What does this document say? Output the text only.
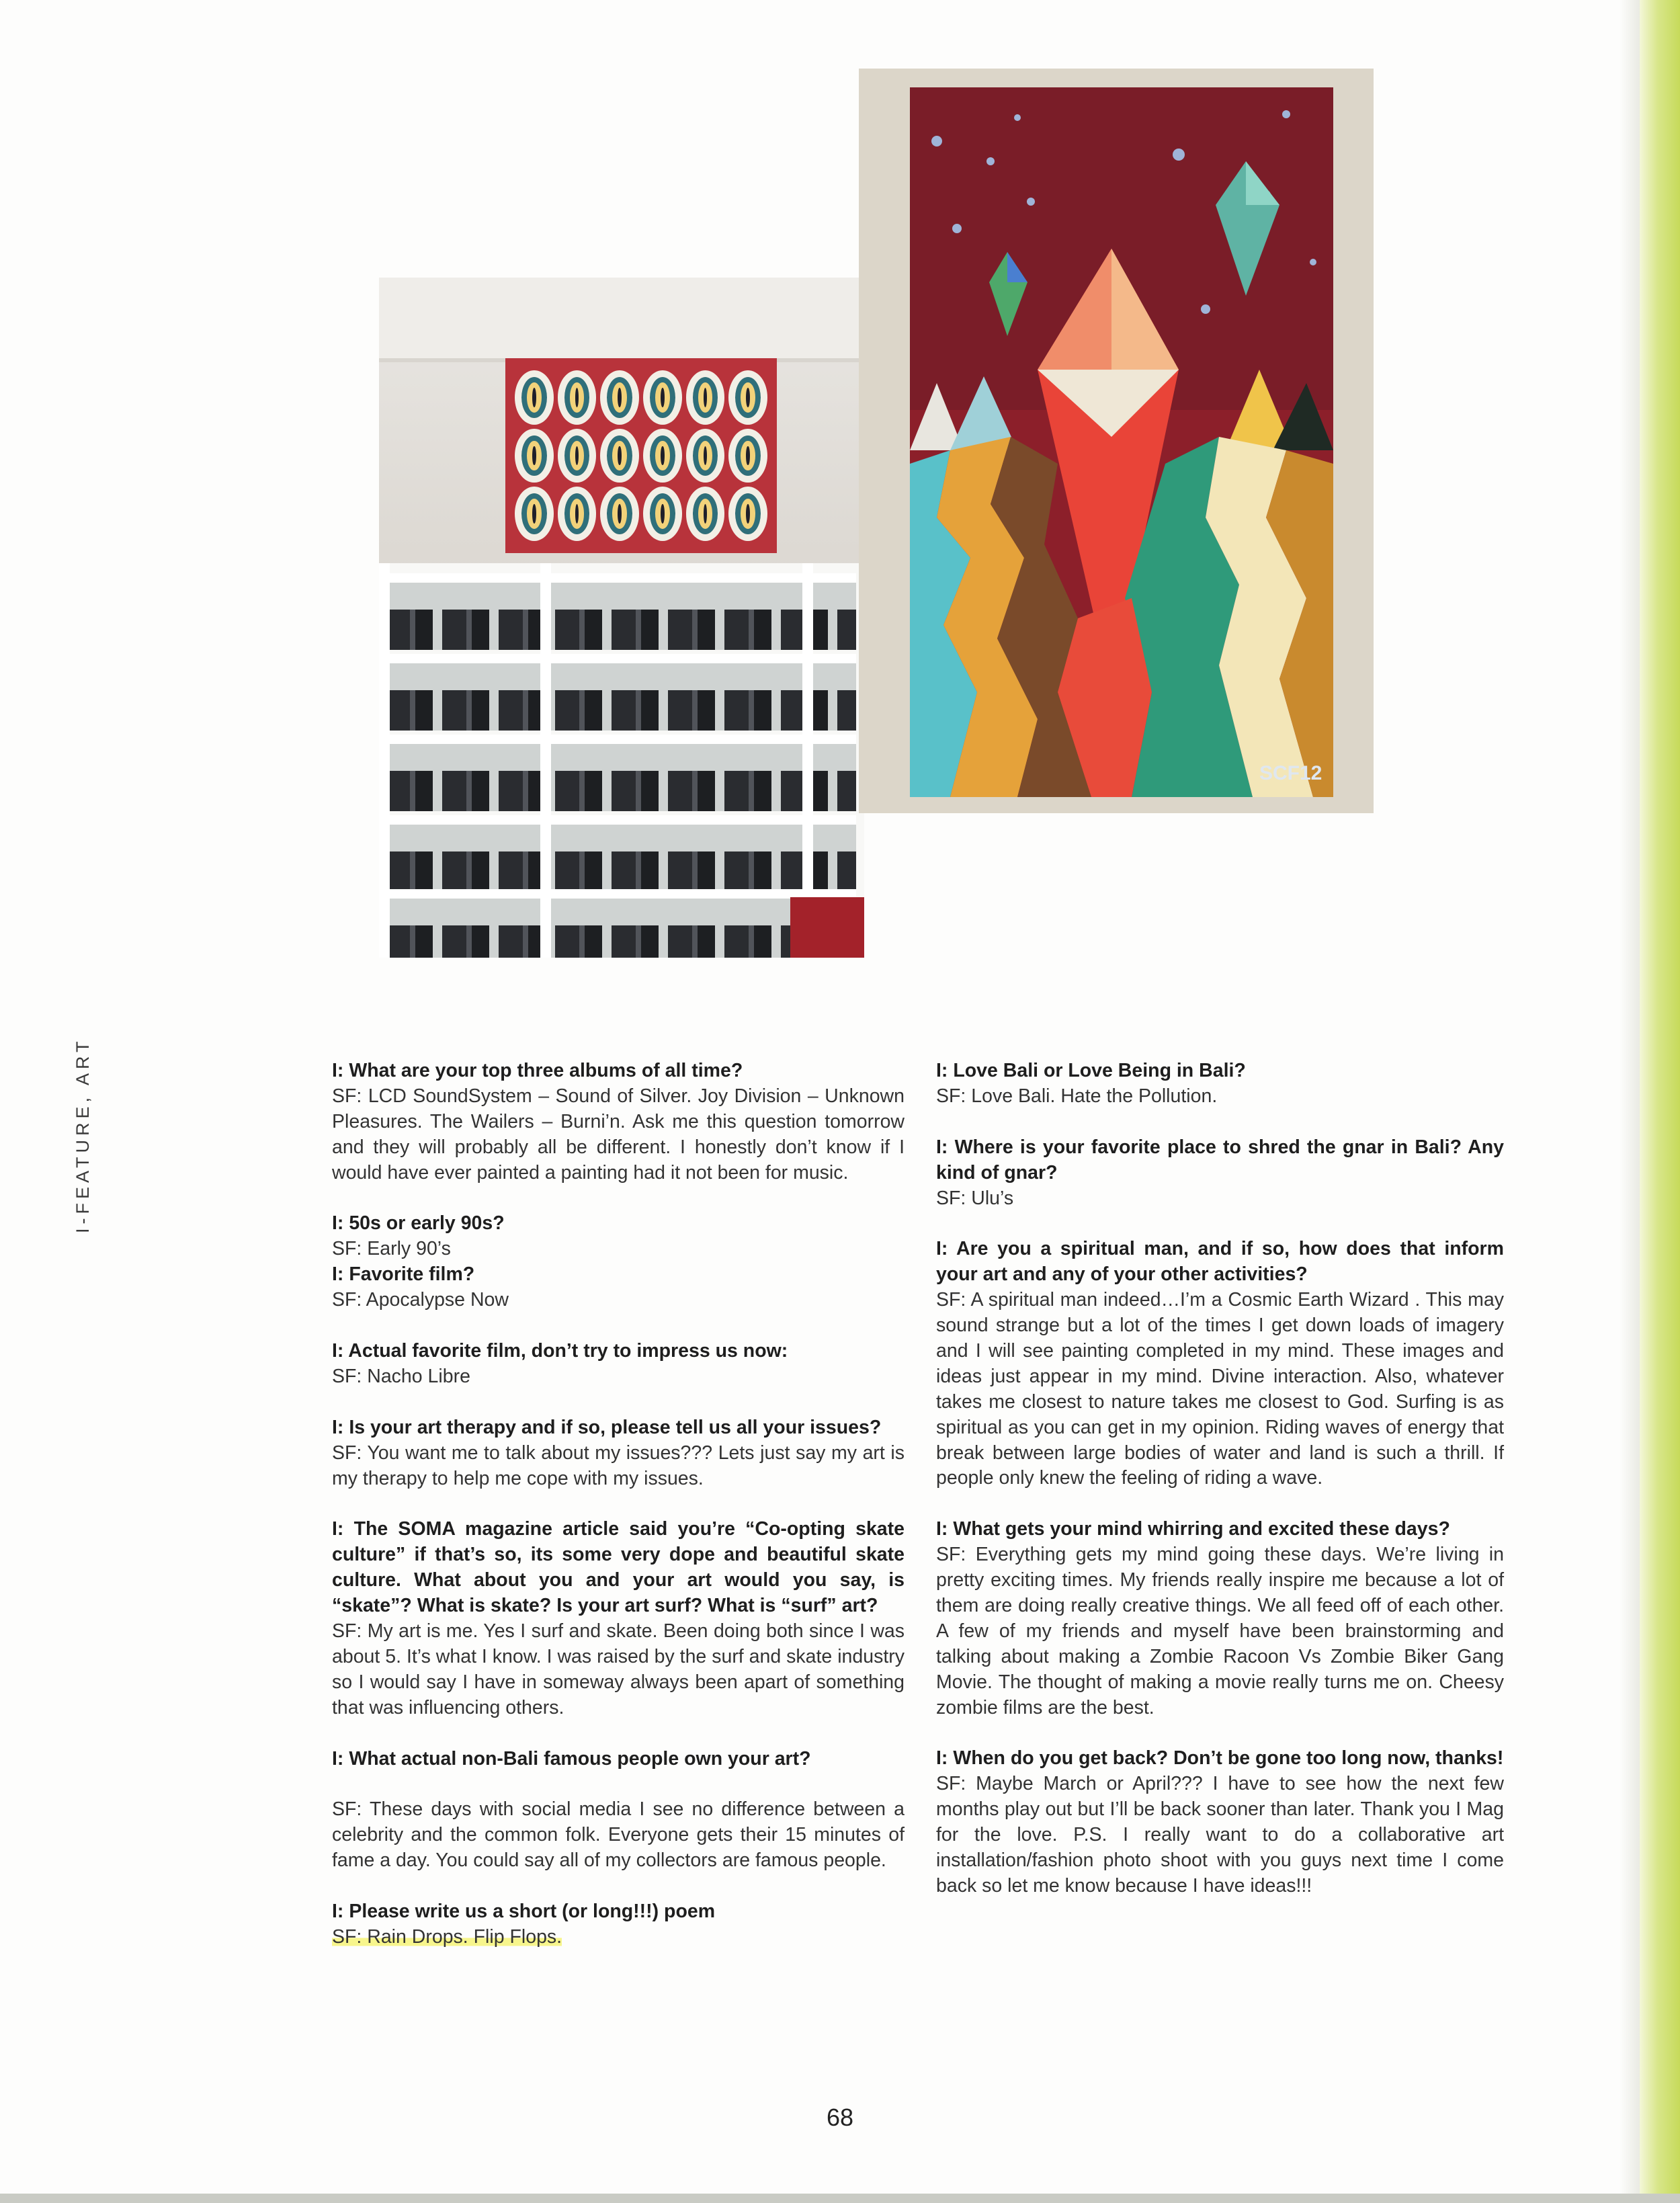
I-FEATURE, ART
SCF12
I: What are your top three albums of all time?
SF: LCD SoundSystem – Sound of Silver. Joy Division – Unknown Pleasures. The Wailers – Burni’n. Ask me this question tomorrow and they will probably all be different. I honestly don’t know if I would have ever painted a painting had it not been for music.
I: 50s or early 90s?
SF: Early 90’s
I: Favorite film?
SF: Apocalypse Now
I: Actual favorite film, don’t try to impress us now:
SF: Nacho Libre
I: Is your art therapy and if so, please tell us all your issues?
SF: You want me to talk about my issues??? Lets just say my art is my therapy to help me cope with my issues.
I: The SOMA magazine article said you’re “Co-opting skate culture” if that’s so, its some very dope and beautiful skate culture. What about you and your art would you say, is “skate”? What is skate? Is your art surf? What is “surf” art?
SF: My art is me. Yes I surf and skate. Been doing both since I was about 5. It’s what I know. I was raised by the surf and skate industry so I would say I have in someway always been apart of something that was influencing others.
I: What actual non-Bali famous people own your art?
SF: These days with social media I see no difference between a celebrity and the common folk. Everyone gets their 15 minutes of fame a day. You could say all of my collectors are famous people.
I: Please write us a short (or long!!!) poem
SF: Rain Drops. Flip Flops.
I: Love Bali or Love Being in Bali?
SF: Love Bali. Hate the Pollution.
I: Where is your favorite place to shred the gnar in Bali? Any kind of gnar?
SF: Ulu’s
I: Are you a spiritual man, and if so, how does that inform your art and any of your other activities?
SF: A spiritual man indeed…I’m a Cosmic Earth Wizard . This may sound strange but a lot of the times I get down loads of imagery and I will see painting completed in my mind. These images and ideas just appear in my mind. Divine interaction. Also, whatever takes me closest to nature takes me closest to God. Surfing is as spiritual as you can get in my opinion. Riding waves of energy that break between large bodies of water and land is such a thrill. If people only knew the feeling of riding a wave.
I: What gets your mind whirring and excited these days?
SF: Everything gets my mind going these days. We’re living in pretty exciting times. My friends really inspire me because a lot of them are doing really creative things. We all feed off of each other. A few of my friends and myself have been brainstorming and talking about making a Zombie Racoon Vs Zombie Biker Gang Movie. The thought of making a movie really turns me on. Cheesy zombie films are the best.
I: When do you get back? Don’t be gone too long now, thanks!
SF: Maybe March or April??? I have to see how the next few months play out but I’ll be back sooner than later. Thank you I Mag for the love. P.S. I really want to do a collaborative art installation/fashion photo shoot with you guys next time I come back so let me know because I have ideas!!!
68
